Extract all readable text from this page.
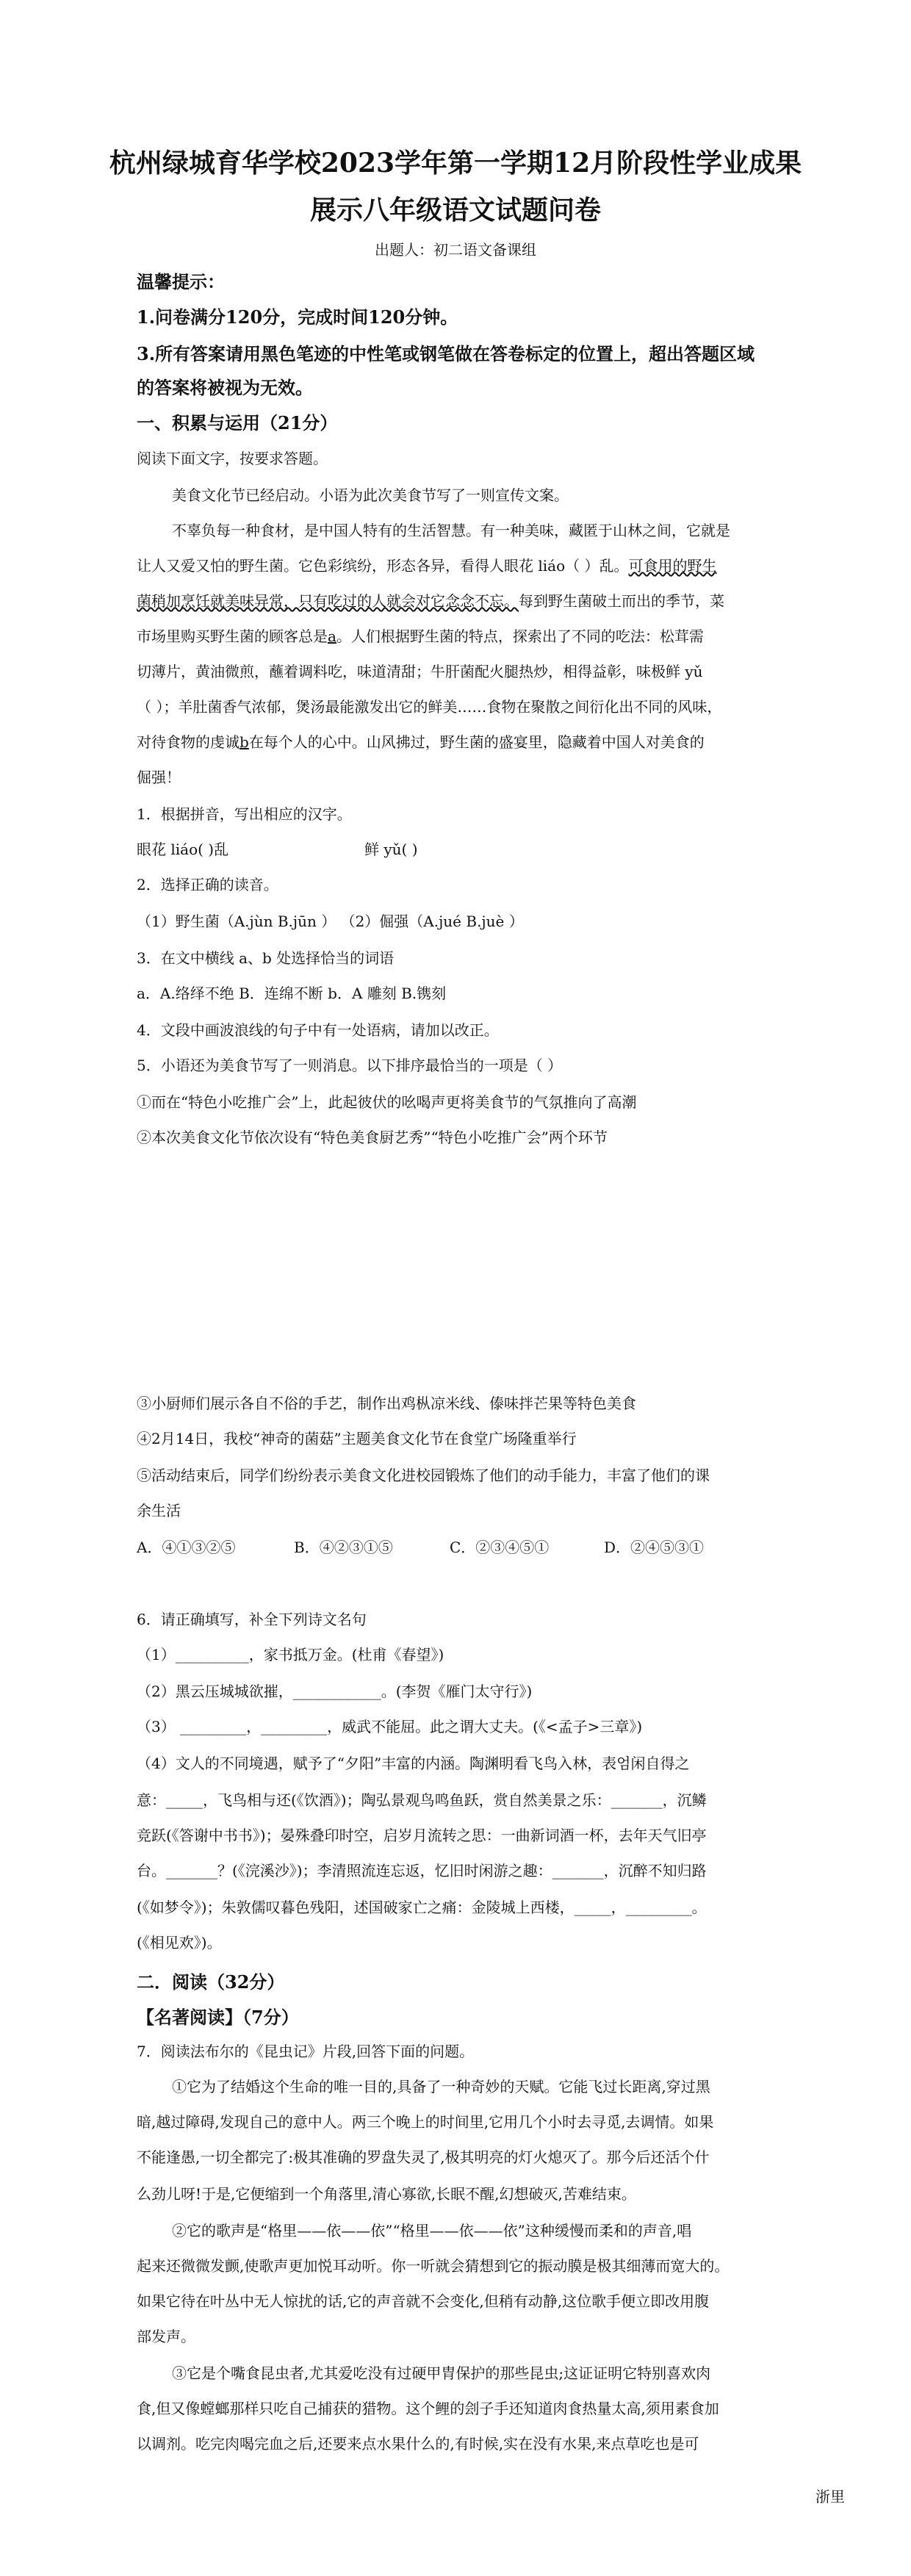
杭州绿城育华学校2023学年第一学期12月阶段性学业成果
展示八年级语文试题问卷
出题人：初二语文备课组
温馨提示：
1.问卷满分120分，完成时间120分钟。
3.所有答案请用黑色笔迹的中性笔或钢笔做在答卷标定的位置上，超出答题区域
的答案将被视为无效。
一、积累与运用（21分）
阅读下面文字，按要求答题。
美食文化节已经启动。小语为此次美食节写了一则宣传文案。
不辜负每一种食材，是中国人特有的生活智慧。有一种美味，藏匿于山林之间，它就是
让人又爱又怕的野生菌。它色彩缤纷，形态各异，看得人眼花 liáo（ ）乱。可食用的野生
菌稍加烹饪就美味异常，只有吃过的人就会对它念念不忘。每到野生菌破土而出的季节，菜
市场里购买野生菌的顾客总是a。人们根据野生菌的特点，探索出了不同的吃法：松茸需
切薄片，黄油微煎，蘸着调料吃，味道清甜；牛肝菌配火腿热炒，相得益彰，味极鲜 yǔ
（ ）；羊肚菌香气浓郁，煲汤最能激发出它的鲜美……食物在聚散之间衍化出不同的风味，
对待食物的虔诚b在每个人的心中。山风拂过，野生菌的盛宴里，隐藏着中国人对美食的
倔强！
1．根据拼音，写出相应的汉字。
眼花 liáo( )乱	鲜 yǔ( )
2．选择正确的读音。
（1）野生菌（A.jùn B.jūn ） （2）倔强（A.jué B.juè ）
3．在文中横线 a、b 处选择恰当的词语
a．A.络绎不绝 B．连绵不断 b．A 雕刻 B.镌刻
4．文段中画波浪线的句子中有一处语病，请加以改正。
5．小语还为美食节写了一则消息。以下排序最恰当的一项是（ ）
①而在“特色小吃推广会”上，此起彼伏的吆喝声更将美食节的气氛推向了高潮
②本次美食文化节依次设有“特色美食厨艺秀”“特色小吃推广会”两个环节
③小厨师们展示各自不俗的手艺，制作出鸡枞凉米线、傣味拌芒果等特色美食
④2月14日，我校“神奇的菌菇”主题美食文化节在食堂广场隆重举行
⑤活动结束后，同学们纷纷表示美食文化进校园锻炼了他们的动手能力，丰富了他们的课
余生活
A．④①③②⑤	B．④②③①⑤	C．②③④⑤①	D．②④⑤③①
6．请正确填写，补全下列诗文名句
（1）__________，家书抵万金。(杜甫《春望》)
（2）黑云压城城欲摧，____________。(李贺《雁门太守行》)
（3） _________，_________，威武不能屈。此之谓大丈夫。(《<孟子>三章》)
（4）文人的不同境遇，赋予了“夕阳”丰富的内涵。陶渊明看飞鸟入林，表엄闲自得之
意：_____，飞鸟相与还(《饮酒》)；陶弘景观鸟鸣鱼跃，赏自然美景之乐：_______，沉鳞
竞跃(《答谢中书书》)；晏殊叠印时空，启岁月流转之思：一曲新词酒一杯，去年天气旧亭
台。_______？(《浣溪沙》)；李清照流连忘返，忆旧时闲游之趣：_______，沉醉不知归路
(《如梦令》)；朱敦儒叹暮色残阳，述国破家亡之痛：金陵城上西楼，_____，_________。
(《相见欢》)。
二．阅读（32分）
【名著阅读】（7分）
7．阅读法布尔的《昆虫记》片段,回答下面的问题。
①它为了结婚这个生命的唯一目的,具备了一种奇妙的天赋。它能飞过长距离,穿过黑
暗,越过障碍,发现自己的意中人。两三个晚上的时间里,它用几个小时去寻觅,去调情。如果
不能逢愚,一切全都完了:极其准确的罗盘失灵了,极其明亮的灯火熄灭了。那今后还活个什
么劲儿呀!于是,它便缩到一个角落里,清心寡欲,长眠不醒,幻想破灭,苦难结束。
②它的歌声是“格里——依——依”“格里——依——依”这种缓慢而柔和的声音,唱
起来还微微发颤,使歌声更加悦耳动听。你一听就会猜想到它的振动膜是极其细薄而宽大的。
如果它待在叶丛中无人惊扰的话,它的声音就不会变化,但稍有动静,这位歌手便立即改用腹
部发声。
③它是个嘴食昆虫者,尤其爱吃没有过硬甲胄保护的那些昆虫;这证证明它特别喜欢肉
食,但又像螳螂那样只吃自己捕获的猎物。这个鲤的刽子手还知道肉食热量太高,须用素食加
以调剂。吃完肉喝完血之后,还要来点水果什么的,有时候,实在没有水果,来点草吃也是可
浙里
